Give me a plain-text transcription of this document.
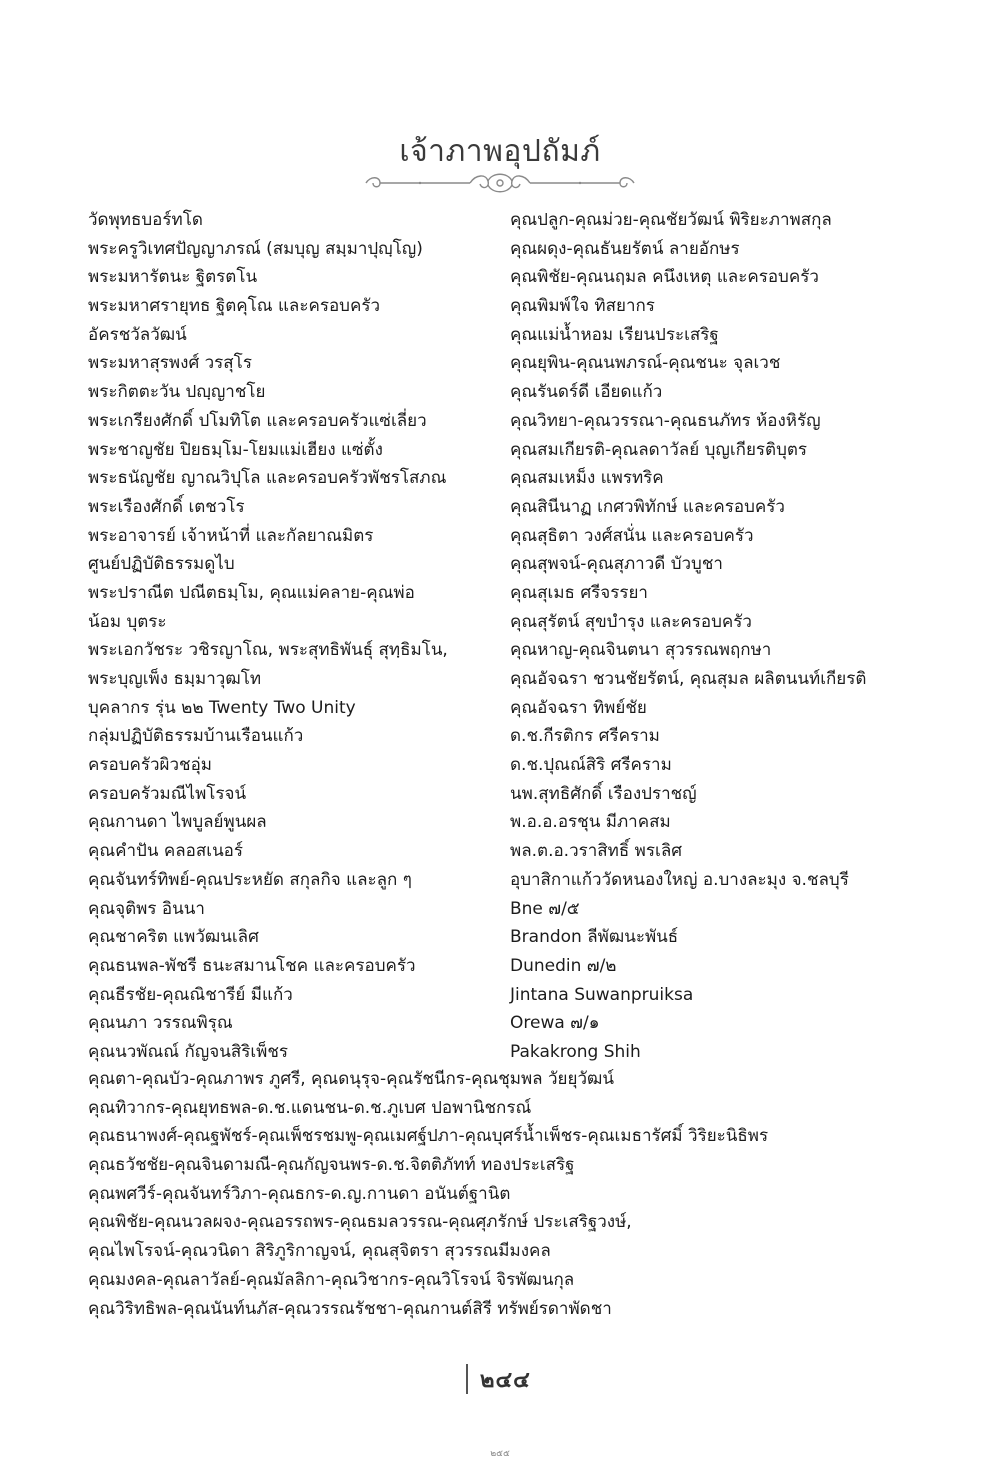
เจ้าภาพอุปถัมภ์
วัดพุทธบอร์ทโด
พระครูวิเทศปัญญาภรณ์ (สมบุญ สมฺมาปุญฺโญ)
พระมหารัตนะ ฐิตรตโน
พระมหาศรายุทธ ฐิตคุโณ และครอบครัว
อัครชวัลวัฒน์
พระมหาสุรพงศ์ วรสุโร
พระกิตตะวัน ปญฺญาชโย
พระเกรียงศักดิ์ ปโมทิโต และครอบครัวแซ่เลี่ยว
พระชาญชัย ปิยธมฺโม-โยมแม่เฮียง แซ่ตั้ง
พระธนัญชัย ญาณวิปุโล และครอบครัวพัชรโสภณ
พระเรืองศักดิ์ เตชวโร
พระอาจารย์ เจ้าหน้าที่ และกัลยาณมิตร
ศูนย์ปฏิบัติธรรมดูไบ
พระปราณีต ปณีตธมฺโม, คุณแม่คลาย-คุณพ่อ
น้อม บุตระ
พระเอกวัชระ วชิรญาโณ, พระสุทธิพันธุ์ สุทฺธิมโน,
พระบุญเพ็ง ธมฺมาวุฒโท
บุคลากร รุ่น ๒๒ Twenty Two Unity
กลุ่มปฏิบัติธรรมบ้านเรือนแก้ว
ครอบครัวผิวชอุ่ม
ครอบครัวมณีไพโรจน์
คุณกานดา ไพบูลย์พูนผล
คุณคำปัน คลอสเนอร์
คุณจันทร์ทิพย์-คุณประหยัด สกุลกิจ และลูก ๆ
คุณจุติพร อินนา
คุณชาคริต แพวัฒนเลิศ
คุณธนพล-พัชรี ธนะสมานโชค และครอบครัว
คุณธีรชัย-คุณณิชารีย์ มีแก้ว
คุณนภา วรรณพิรุณ
คุณนวพัณณ์ กัญจนสิริเพ็ชร
คุณปลูก-คุณม่วย-คุณชัยวัฒน์ พิริยะภาพสกุล
คุณผดุง-คุณธันยรัตน์ ลายอักษร
คุณพิชัย-คุณนฤมล คนึงเหตุ และครอบครัว
คุณพิมพ์ใจ ทิสยากร
คุณแม่น้ำหอม เรียนประเสริฐ
คุณยุพิน-คุณนพภรณ์-คุณชนะ จุลเวช
คุณรันดร์ดี เอียดแก้ว
คุณวิทยา-คุณวรรณา-คุณธนภัทร ห้องหิรัญ
คุณสมเกียรติ-คุณลดาวัลย์ บุญเกียรติบุตร
คุณสมเหม็ง แพรทริค
คุณสินีนาฏ เกศวพิทักษ์ และครอบครัว
คุณสุธิตา วงศ์สนั่น และครอบครัว
คุณสุพจน์-คุณสุภาวดี บัวบูชา
คุณสุเมธ ศรีจรรยา
คุณสุรัตน์ สุขบำรุง และครอบครัว
คุณหาญ-คุณจินตนา สุวรรณพฤกษา
คุณอัจฉรา ชวนชัยรัตน์, คุณสุมล ผลิตนนท์เกียรติ
คุณอัจฉรา ทิพย์ชัย
ด.ช.กีรติกร ศรีคราม
ด.ช.ปุณณ์สิริ ศรีคราม
นพ.สุทธิศักดิ์ เรืองปราชญ์
พ.อ.อ.อรชุน มีภาคสม
พล.ต.อ.วราสิทธิ์ พรเลิศ
อุบาสิกาแก้ววัดหนองใหญ่ อ.บางละมุง จ.ชลบุรี
Bne ๗/๕
Brandon ลีพัฒนะพันธ์
Dunedin ๗/๒
Jintana Suwanpruiksa
Orewa ๗/๑
Pakakrong Shih
คุณตา-คุณบัว-คุณภาพร ภูศรี, คุณดนุรุจ-คุณรัชนีกร-คุณชุมพล วัยยุวัฒน์
คุณทิวากร-คุณยุทธพล-ด.ช.แดนชน-ด.ช.ภูเบศ ปอพานิชกรณ์
คุณธนาพงศ์-คุณฐพัชร์-คุณเพ็ชรชมพู-คุณเมศฐ์ปภา-คุณบุศร์น้ำเพ็ชร-คุณเมธารัศมิ์ วิริยะนิธิพร
คุณธวัชชัย-คุณจินดามณี-คุณกัญจนพร-ด.ช.จิตติภัทท์ ทองประเสริฐ
คุณพศวีร์-คุณจันทร์วิภา-คุณธกร-ด.ญ.กานดา อนันต์ฐานิต
คุณพิชัย-คุณนวลผจง-คุณอรรถพร-คุณธมลวรรณ-คุณศุภรักษ์ ประเสริฐวงษ์,
คุณไพโรจน์-คุณวนิดา สิริภูริกาญจน์, คุณสุจิตรา สุวรรณมีมงคล
คุณมงคล-คุณลาวัลย์-คุณมัลลิกา-คุณวิชากร-คุณวิโรจน์ จิรพัฒนกุล
คุณวิริทธิพล-คุณนันท์นภัส-คุณวรรณรัชชา-คุณกานต์สิรี ทรัพย์รดาพัดชา
๒๔๔
๒๕๕
